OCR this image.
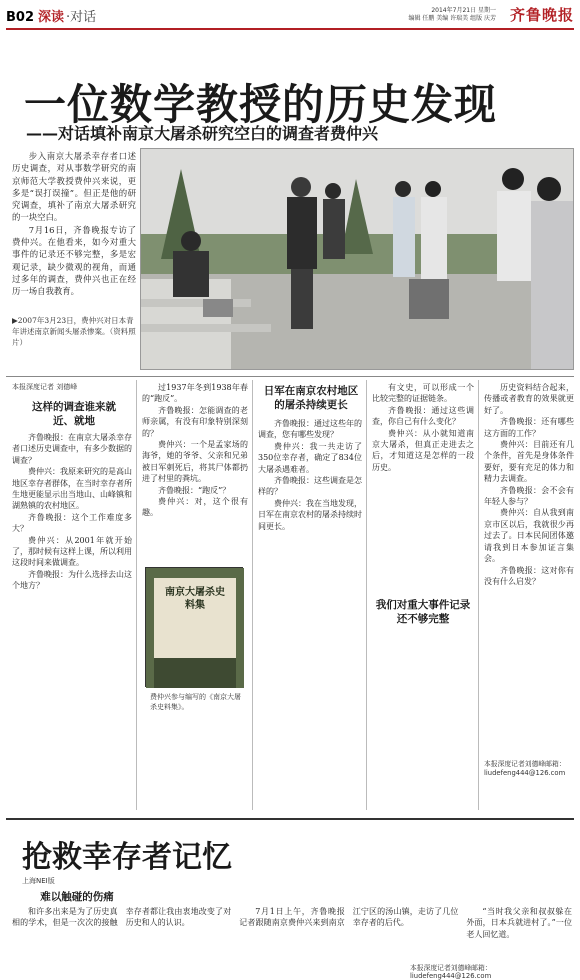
B02 深读 ·对话	2014年7月21日 星期一
编辑 任鹏 美编 许瑞美 组版 庆芳 齐鲁晚报
一位数学教授的历史发现
——对话填补南京大屠杀研究空白的调查者费仲兴

步入南京大屠杀幸存者口述历史调查，对从事数学研究的南京师范大学教授费仲兴来说，更多是“误打误撞”。但正是他的研究调查，填补了南京大屠杀研究的一块空白。

7月16日，齐鲁晚报专访了费仲兴。在他看来，如今对重大事件的记录还不够完整，多是宏观记录，缺少微观的视角，而通过多年的调查，费仲兴也正在经历一场自我教育。

▶2007年3月23日，费仲兴对日本青年讲述南京新闻头屠杀惨案。（资料照片）
本报深度记者 刘德峰
这样的调查谁来就近、就地

齐鲁晚报：在南京大屠杀幸存者口述历史调查中，有多少数据的调查？

费仲兴：我原来研究的是高山地区幸存者群体，在当时幸存者所生地更能显示出当地山、山峰镇和湖熟镇的农村地区。

齐鲁晚报：这个工作难度多大？

费仲兴：从2001年就开始了，那时候有这样上课，所以利用这段时间来做调查。

齐鲁晚报：为什么选择去山这个地方？

过1937年冬到1938年春的“跑反”。

齐鲁晚报：怎能调查的老师亲属，有没有印象特别深刻的？

费仲兴：一个是孟家场的海爷，她的爷爷、父亲和兄弟被日军刺死后，将其尸体都扔进了村里的粪坑。

齐鲁晚报：“跑反”？

费仲兴：对，这个很有趣。

南京大屠杀史料集
费仲兴参与编写的《南京大屠杀史料集》。
日军在南京农村地区的屠杀持续更长

齐鲁晚报：通过这些年的调查，您有哪些发现？

费仲兴：我一共走访了350位幸存者，确定了834位大屠杀遇难者。

齐鲁晚报：这些调查是怎样的？

费仲兴：我在当地发现，日军在南京农村的屠杀持续时间更长。

有文史，可以形成一个比较完整的证据链条。

齐鲁晚报：通过这些调查，你自己有什么变化？

费仲兴：从小就知道南京大屠杀，但真正走进去之后，才知道这是怎样的一段历史。

我们对重大事件记录还不够完整

历史资料结合起来，传播或者教育的效果就更好了。

齐鲁晚报：还有哪些这方面的工作？

费仲兴：目前还有几个条件，首先是身体条件要好，要有充足的体力和精力去调查。

齐鲁晚报：会不会有年轻人参与？

费仲兴：自从我到南京市区以后，我就很少再过去了。日本民间团体邀请我到日本参加证言集会。

齐鲁晚报：这对你有没有什么启发？

本报深度记者刘德峰邮箱：liudefeng444@126.com
抢救幸存者记忆
上海NEI版
难以触碰的伤痛

和许多出来是为了历史真相的学术，但是一次次的接触幸存者都让我由衷地改变了对历史和人的认识。

7月1日上午，齐鲁晚报记者跟随南京费仲兴来到南京江宁区的汤山镇，走访了几位幸存者的后代。

“当时我父亲和叔叔躲在外面，日本兵就进村了。”一位老人回忆道。

本报深度记者刘德峰邮箱：liudefeng444@126.com
